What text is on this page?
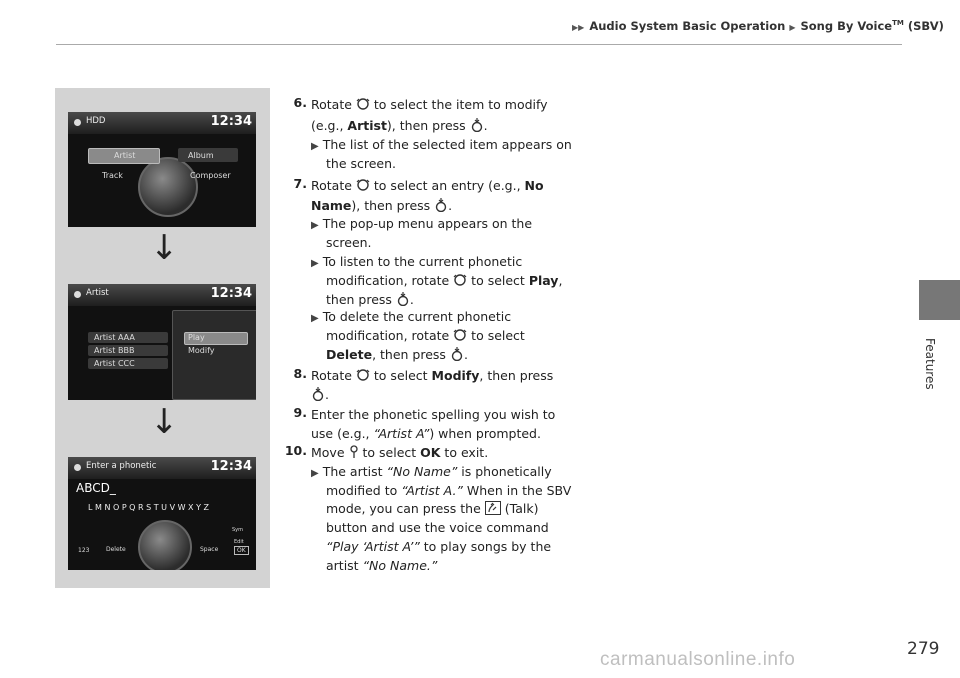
▶▶ Audio System Basic Operation ▶ Song By Voice™ (SBV)
Features
279
carmanualsonline.info
HDD	12:34
Artist	Album
Track	Composer
↓
Artist	12:34
Artist AAA
Artist BBB
Artist CCC
Play
Modify
↓
Enter a phonetic	12:34
ABCD_
L M N O P Q R S T U V W X Y Z
Delete	Space
123
Sym
Edit
OK
6. Rotate to select the item to modify
(e.g., Artist), then press .
▶ The list of the selected item appears on
the screen.
7. Rotate to select an entry (e.g., No
Name), then press .
▶ The pop-up menu appears on the
screen.
▶ To listen to the current phonetic
modification, rotate to select Play,
then press .
▶ To delete the current phonetic
modification, rotate to select
Delete, then press .
8. Rotate to select Modify, then press
.
9. Enter the phonetic spelling you wish to
use (e.g., “Artist A”) when prompted.
10. Move to select OK to exit.
▶ The artist “No Name” is phonetically
modified to “Artist A.” When in the SBV
mode, you can press the (Talk)
button and use the voice command
“Play ‘Artist A’” to play songs by the
artist “No Name.”
